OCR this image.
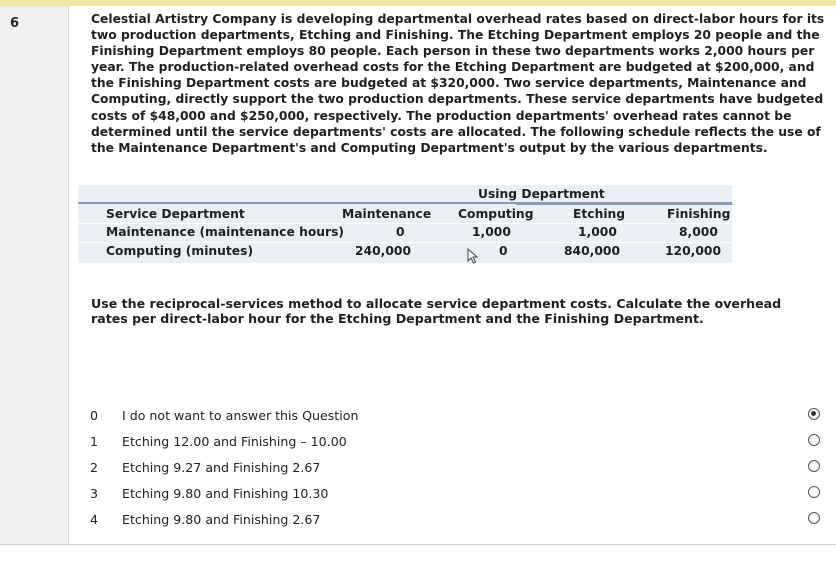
6	Celestial Artistry Company is developing departmental overhead rates based on direct-labor hours for its two production departments, Etching and Finishing. The Etching Department employs 20 people and the Finishing Department employs 80 people. Each person in these two departments works 2,000 hours per year. The production-related overhead costs for the Etching Department are budgeted at $200,000, and the Finishing Department costs are budgeted at $320,000. Two service departments, Maintenance and Computing, directly support the two production departments. These service departments have budgeted costs of $48,000 and $250,000, respectively. The production departments' overhead rates cannot be determined until the service departments' costs are allocated. The following schedule reflects the use of the Maintenance Department's and Computing Department's output by the various departments.
Using Department
Service Department	Maintenance Computing	Etching	Finishing
Maintenance (maintenance hours)	0	1,000	1,000	8,000
Computing (minutes)	240,000	0	840,000	120,000
Use the reciprocal-services method to allocate service department costs. Calculate the overhead rates per direct-labor hour for the Etching Department and the Finishing Department.
0 I do not want to answer this Question
1 Etching 12.00 and Finishing – 10.00
2 Etching 9.27 and Finishing 2.67
3 Etching 9.80 and Finishing 10.30
4 Etching 9.80 and Finishing 2.67
